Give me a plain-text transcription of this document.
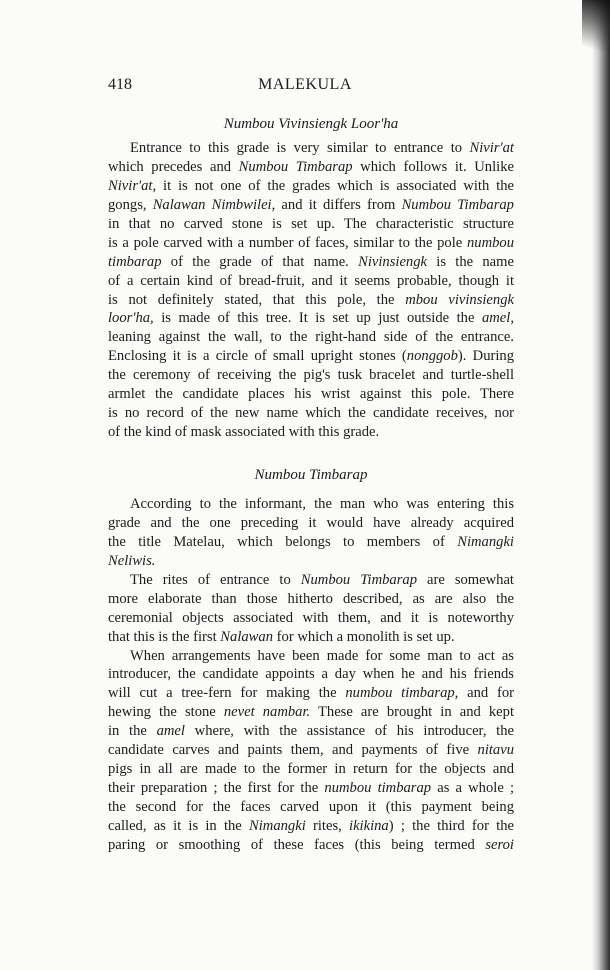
418	MALEKULA
Numbou Vivinsiengk Loor'ha
Entrance to this grade is very similar to entrance to Nivir'at
which precedes and Numbou Timbarap which follows it. Unlike
Nivir'at, it is not one of the grades which is associated with the
gongs, Nalawan Nimbwilei, and it differs from Numbou Timbarap
in that no carved stone is set up. The characteristic structure
is a pole carved with a number of faces, similar to the pole numbou
timbarap of the grade of that name. Nivinsiengk is the name
of a certain kind of bread-fruit, and it seems probable, though it
is not definitely stated, that this pole, the mbou vivinsiengk
loor'ha, is made of this tree. It is set up just outside the amel,
leaning against the wall, to the right-hand side of the entrance.
Enclosing it is a circle of small upright stones (nonggob). During
the ceremony of receiving the pig's tusk bracelet and turtle-shell
armlet the candidate places his wrist against this pole. There
is no record of the new name which the candidate receives, nor
of the kind of mask associated with this grade.
Numbou Timbarap
According to the informant, the man who was entering this
grade and the one preceding it would have already acquired
the title Matelau, which belongs to members of Nimangki
Neliwis.
The rites of entrance to Numbou Timbarap are somewhat
more elaborate than those hitherto described, as are also the
ceremonial objects associated with them, and it is noteworthy
that this is the first Nalawan for which a monolith is set up.
When arrangements have been made for some man to act as
introducer, the candidate appoints a day when he and his friends
will cut a tree-fern for making the numbou timbarap, and for
hewing the stone nevet nambar. These are brought in and kept
in the amel where, with the assistance of his introducer, the
candidate carves and paints them, and payments of five nitavu
pigs in all are made to the former in return for the objects and
their preparation ; the first for the numbou timbarap as a whole ;
the second for the faces carved upon it (this payment being
called, as it is in the Nimangki rites, ikikina) ; the third for the
paring or smoothing of these faces (this being termed seroi
